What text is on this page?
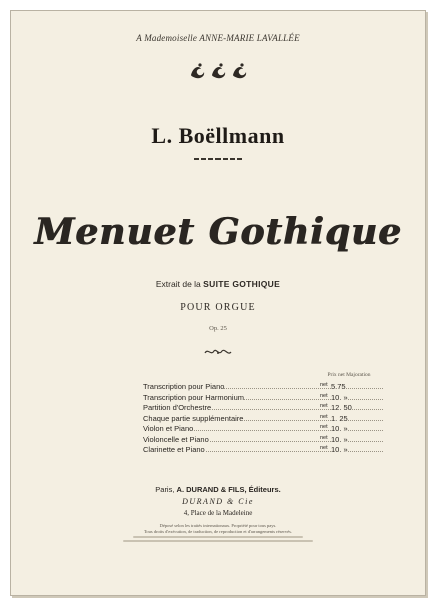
A Mademoiselle ANNE-MARIE LAVALLÉE
L. Boëllmann
Menuet Gothique
Extrait de la SUITE GOTHIQUE
POUR ORGUE
Op. 25
Prix net Majoration
Transcription pour Piano	net 5.75
Transcription pour Harmonium	net 10. »
Partition d'Orchestre	net 12. 50
Chaque partie supplémentaire	net 1. 25
Violon et Piano	net 10. »
Violoncelle et Piano	net 10. »
Clarinette et Piano	net 10. »
Paris, A. DURAND & FILS, Éditeurs.
DURAND & Cie
4, Place de la Madeleine
Déposé selon les traités internationaux. Propriété pour tous pays.
Tous droits d'exécution, de traduction, de reproduction et d'arrangements réservés.
